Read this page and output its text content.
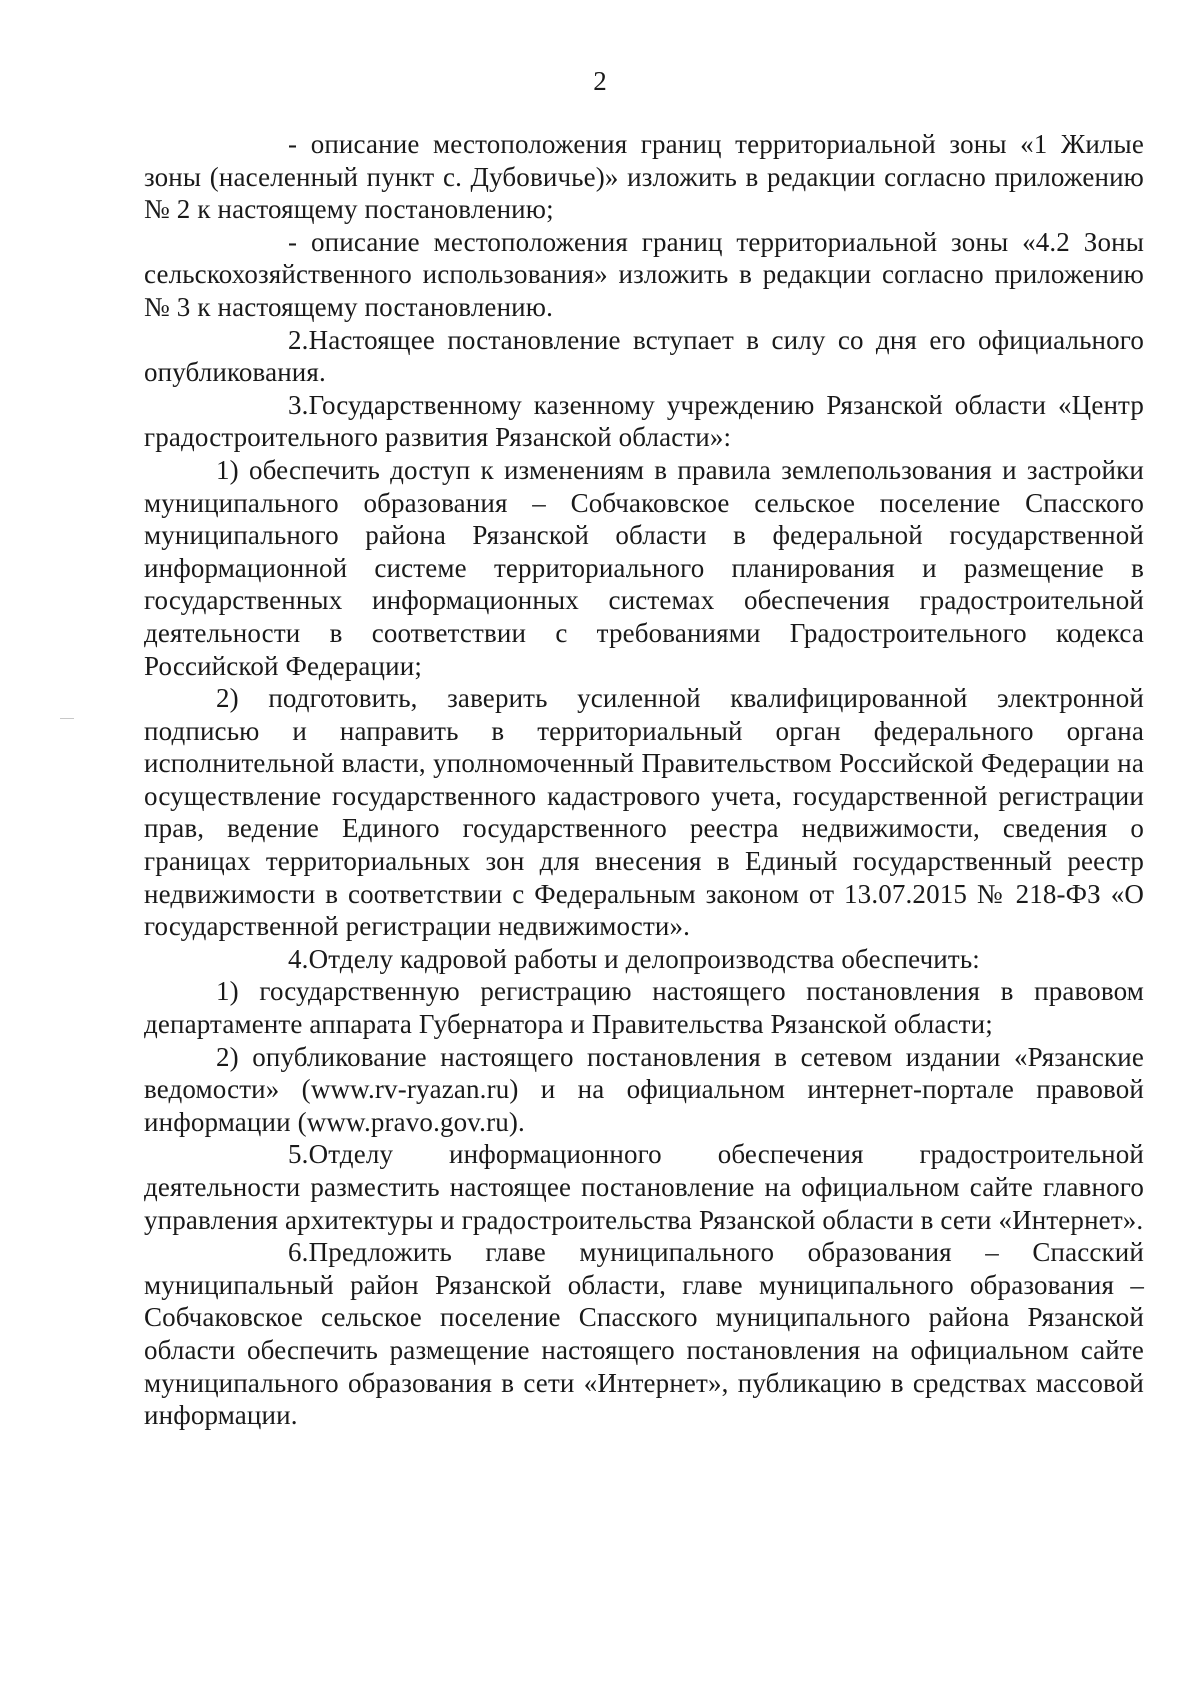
2

- описание местоположения границ территориальной зоны «1 Жилые зоны (населенный пункт с. Дубовичье)» изложить в редакции согласно приложению № 2 к настоящему постановлению;

- описание местоположения границ территориальной зоны «4.2 Зоны сельскохозяйственного использования» изложить в редакции согласно приложению № 3 к настоящему постановлению.

2.Настоящее постановление вступает в силу со дня его официального опубликования.

3.Государственному казенному учреждению Рязанской области «Центр градостроительного развития Рязанской области»:

1) обеспечить доступ к изменениям в правила землепользования и застройки муниципального образования – Собчаковское сельское поселение Спасского муниципального района Рязанской области в федеральной государственной информационной системе территориального планирования и размещение в государственных информационных системах обеспечения градостроительной деятельности в соответствии с требованиями Градостроительного кодекса Российской Федерации;

2) подготовить, заверить усиленной квалифицированной электронной подписью и направить в территориальный орган федерального органа исполнительной власти, уполномоченный Правительством Российской Федерации на осуществление государственного кадастрового учета, государственной регистрации прав, ведение Единого государственного реестра недвижимости, сведения о границах территориальных зон для внесения в Единый государственный реестр недвижимости в соответствии с Федеральным законом от 13.07.2015 № 218-ФЗ «О государственной регистрации недвижимости».

4.Отделу кадровой работы и делопроизводства обеспечить:

1) государственную регистрацию настоящего постановления в правовом департаменте аппарата Губернатора и Правительства Рязанской области;

2) опубликование настоящего постановления в сетевом издании «Рязанские ведомости» (www.rv-ryazan.ru) и на официальном интернет-портале правовой информации (www.pravo.gov.ru).

5.Отделу информационного обеспечения градостроительной деятельности разместить настоящее постановление на официальном сайте главного управления архитектуры и градостроительства Рязанской области в сети «Интернет».

6.Предложить главе муниципального образования – Спасский муниципальный район Рязанской области, главе муниципального образования – Собчаковское сельское поселение Спасского муниципального района Рязанской области обеспечить размещение настоящего постановления на официальном сайте муниципального образования в сети «Интернет», публикацию в средствах массовой информации.
